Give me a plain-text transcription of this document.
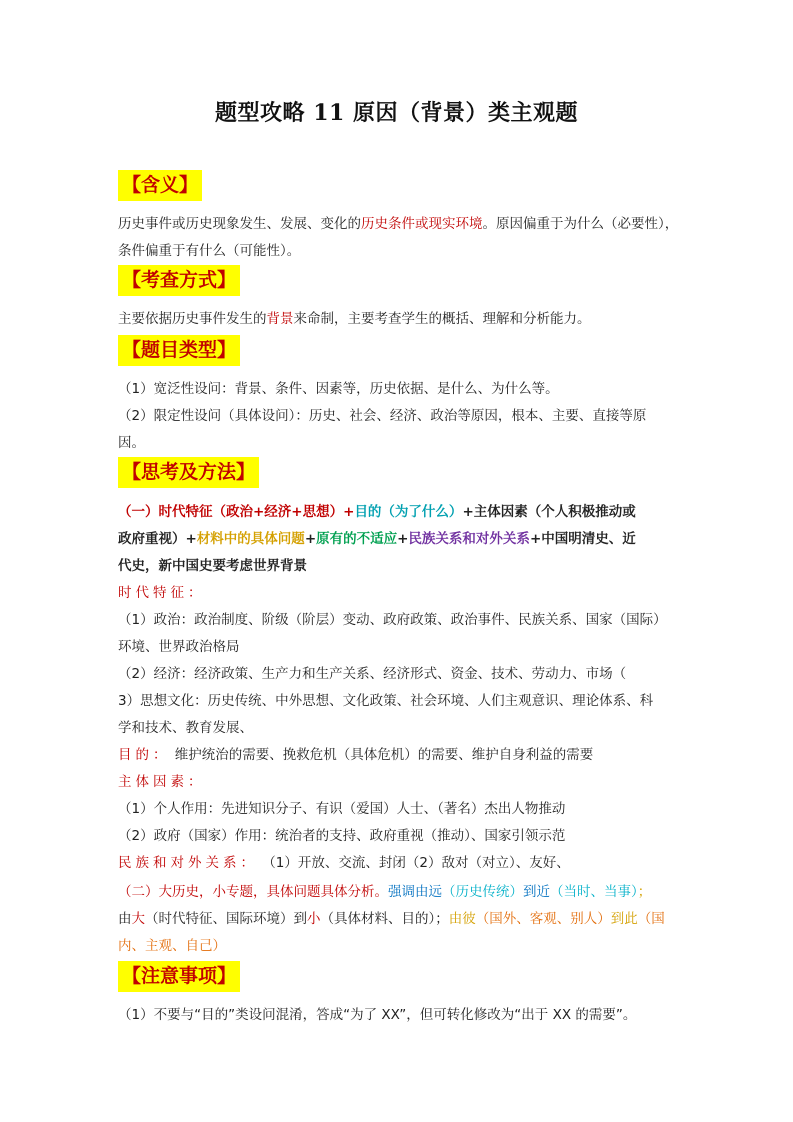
题型攻略 11 原因（背景）类主观题
【含义】
历史事件或历史现象发生、发展、变化的历史条件或现实环境。原因偏重于为什么（必要性），
条件偏重于有什么（可能性）。
【考查方式】
主要依据历史事件发生的背景来命制，主要考查学生的概括、理解和分析能力。
【题目类型】
（1）宽泛性设问：背景、条件、因素等，历史依据、是什么、为什么等。
（2）限定性设问（具体设问）：历史、社会、经济、政治等原因，根本、主要、直接等原
因。
【思考及方法】
（一）时代特征（政治+经济+思想）+目的（为了什么）+主体因素（个人积极推动或
政府重视）+材料中的具体问题+原有的不适应+民族关系和对外关系+中国明清史、近
代史，新中国史要考虑世界背景
时代特征：
（1）政治：政治制度、阶级（阶层）变动、政府政策、政治事件、民族关系、国家（国际）
环境、世界政治格局
（2）经济：经济政策、生产力和生产关系、经济形式、资金、技术、劳动力、市场（
3）思想文化：历史传统、中外思想、文化政策、社会环境、人们主观意识、理论体系、科
学和技术、教育发展、
目的： 维护统治的需要、挽救危机（具体危机）的需要、维护自身利益的需要
主体因素：
（1）个人作用：先进知识分子、有识（爱国）人士、（著名）杰出人物推动
（2）政府（国家）作用：统治者的支持、政府重视（推动）、国家引领示范
民族和对外关系： （1）开放、交流、封闭（2）敌对（对立）、友好、
（二）大历史，小专题，具体问题具体分析。强调由远（历史传统）到近（当时、当事）；
由大（时代特征、国际环境）到小（具体材料、目的）；由彼（国外、客观、别人）到此（国
内、主观、自己）
【注意事项】
（1）不要与“目的”类设问混淆，答成“为了 XX”，但可转化修改为“出于 XX 的需要”。
